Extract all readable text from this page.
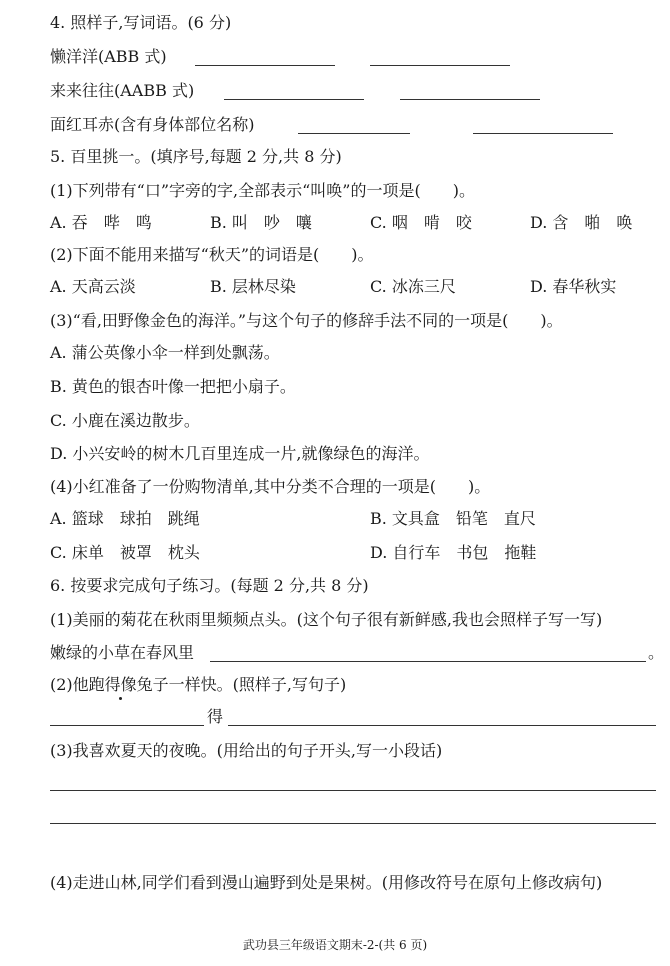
4. 照样子,写词语。(6 分)
懒洋洋(ABB 式)
来来往往(AABB 式)
面红耳赤(含有身体部位名称)
5. 百里挑一。(填序号,每题 2 分,共 8 分)
(1)下列带有“口”字旁的字,全部表示“叫唤”的一项是(　　)。
A. 吞　哔　鸣	B. 叫　吵　嚷	C. 咽　啃　咬	D. 含　啪　唤
(2)下面不能用来描写“秋天”的词语是(　　)。
A. 天高云淡	B. 层林尽染	C. 冰冻三尺	D. 春华秋实
(3)“看,田野像金色的海洋。”与这个句子的修辞手法不同的一项是(　　)。
A. 蒲公英像小伞一样到处飘荡。
B. 黄色的银杏叶像一把把小扇子。
C. 小鹿在溪边散步。
D. 小兴安岭的树木几百里连成一片,就像绿色的海洋。
(4)小红准备了一份购物清单,其中分类不合理的一项是(　　)。
A. 篮球　球拍　跳绳	B. 文具盒　铅笔　直尺
C. 床单　被罩　枕头	D. 自行车　书包　拖鞋
6. 按要求完成句子练习。(每题 2 分,共 8 分)
(1)美丽的菊花在秋雨里频频点头。(这个句子很有新鲜感,我也会照样子写一写)
嫩绿的小草在春风里	。
(2)他跑得像兔子一样快。(照样子,写句子)
得
(3)我喜欢夏天的夜晚。(用给出的句子开头,写一小段话)
(4)走进山林,同学们看到漫山遍野到处是果树。(用修改符号在原句上修改病句)
武功县三年级语文期末-2-(共 6 页)
